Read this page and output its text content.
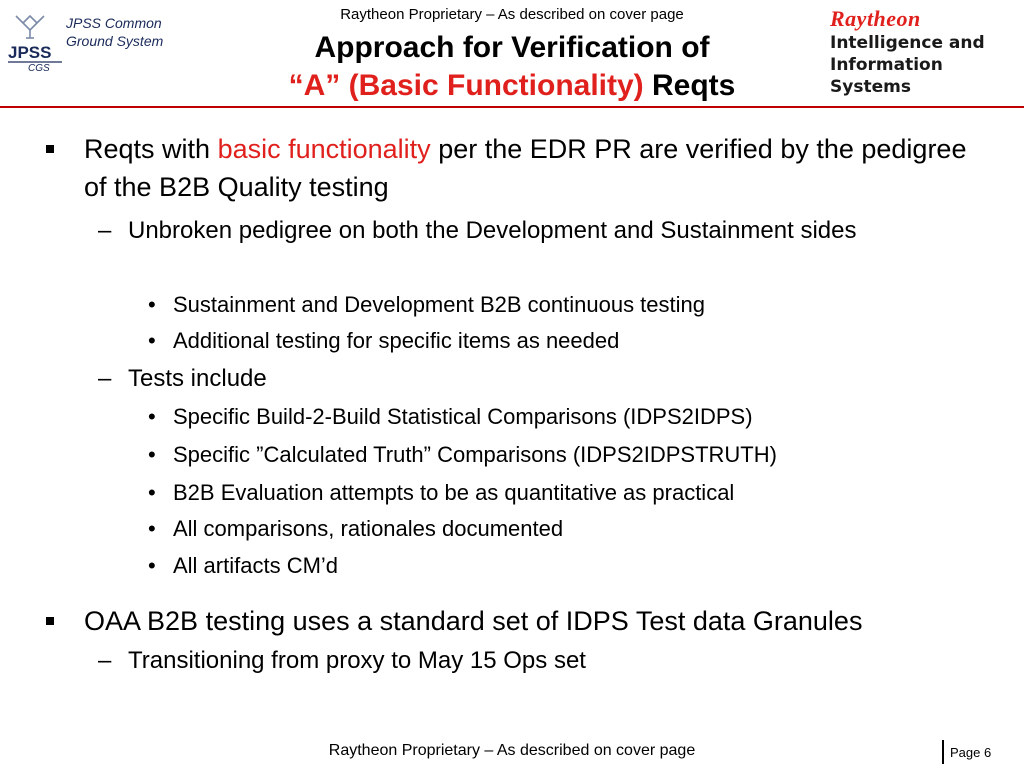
JPSS
CGS
JPSS Common
Ground System
Raytheon Proprietary – As described on cover page
Approach for Verification of
“A” (Basic Functionality) Reqts
Raytheon
Intelligence and
Information Systems
Reqts with basic functionality per the EDR PR are verified by the pedigree of the B2B Quality testing
– Unbroken pedigree on both the Development and Sustainment sides
• Sustainment and Development B2B continuous testing
• Additional testing for specific items as needed
– Tests include
• Specific Build-2-Build Statistical Comparisons (IDPS2IDPS)
• Specific ”Calculated Truth” Comparisons (IDPS2IDPSTRUTH)
• B2B Evaluation attempts to be as quantitative as practical
• All comparisons, rationales documented
• All artifacts CM’d
OAA B2B testing uses a standard set of IDPS Test data Granules
– Transitioning from proxy to May 15 Ops set
Raytheon Proprietary – As described on cover page	Page 6
